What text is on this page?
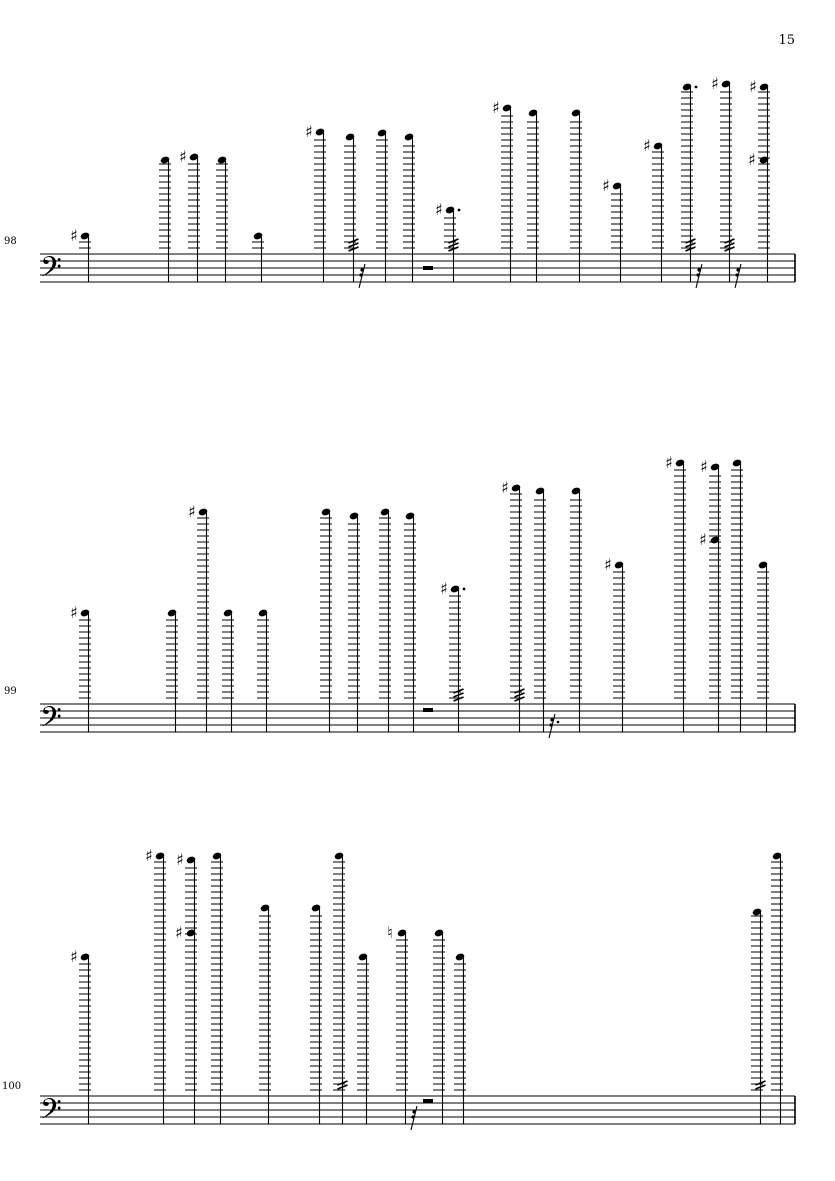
15
98
𝄢
♯
♯
♯
♯
♯
♯
♯
♯
♯
♯
99
𝄢
♯
♯
♯
♯
♯
♯
♯
♯
100
𝄢
♯
♯
♯
♯
♮
